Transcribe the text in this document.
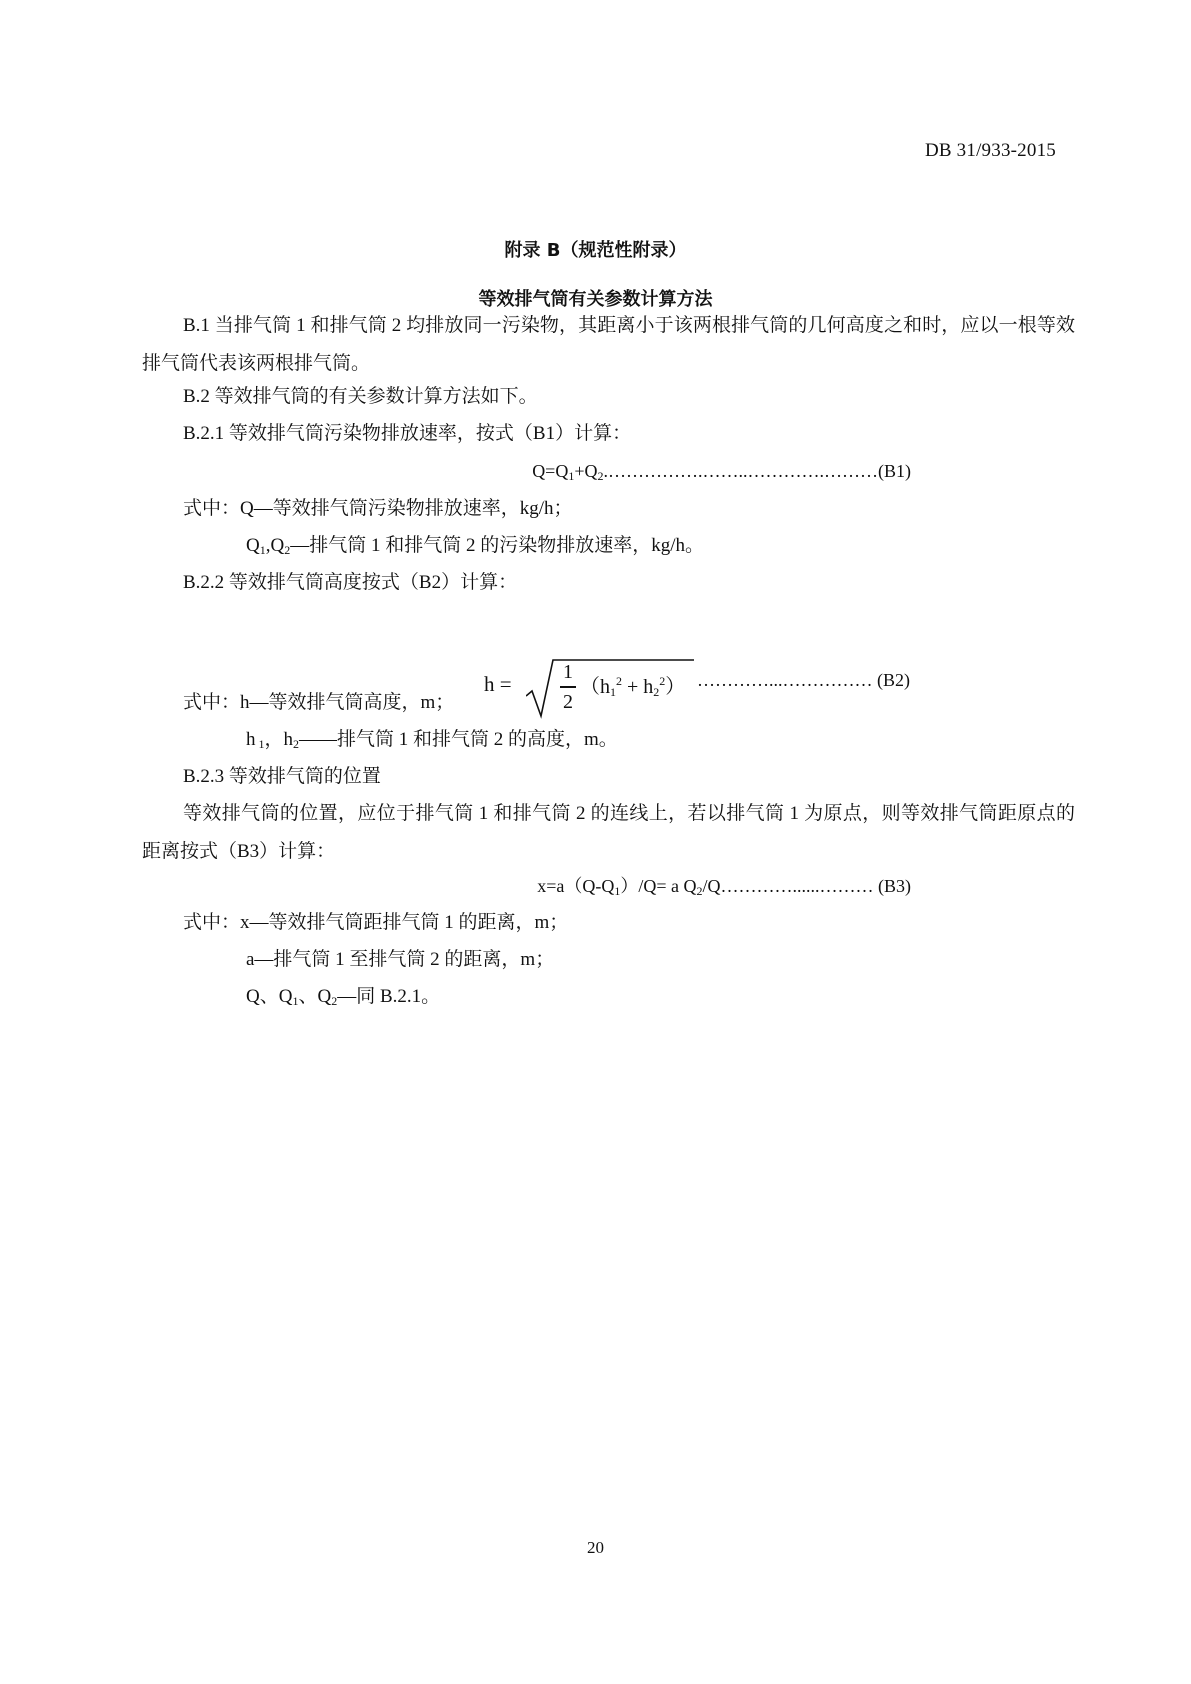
DB 31/933-2015
附录 B（规范性附录）
等效排气筒有关参数计算方法
B.1 当排气筒 1 和排气筒 2 均排放同一污染物，其距离小于该两根排气筒的几何高度之和时，应以一根等效排气筒代表该两根排气筒。
B.2 等效排气筒的有关参数计算方法如下。
B.2.1 等效排气筒污染物排放速率，按式（B1）计算：
$Q=Q_1+Q_2.\dots\dots\dots\dots\dots.\dots\dots..\dots\dots\dots\dots.\dots\dots\dots(B1)$
式中：Q—等效排气筒污染物排放速率，kg/h；
$Q_1,Q_2—$排气筒 1 和排气筒 2 的污染物排放速率，kg/h。
B.2.2 等效排气筒高度按式（B2）计算：
h =	1
2
$(h_1^2 + h_2^2)$ …………...…………… (B2)
式中：h—等效排气筒高度，m；
h $_1$，$h_2——$排气筒 1 和排气筒 2 的高度，m。
B.2.3 等效排气筒的位置
等效排气筒的位置，应位于排气筒 1 和排气筒 2 的连线上，若以排气筒 1 为原点，则等效排气筒距原点的距离按式（B3）计算：
$x=a(Q-Q_1)/Q= a$ $Q_2/Q\dots\dots\dots\dots......\dots\dots\dots$ (B3)
式中：x—等效排气筒距排气筒 1 的距离，m；
a—排气筒 1 至排气筒 2 的距离，m；
Q、$Q_1$、$Q_2—$同 B.2.1。
20
